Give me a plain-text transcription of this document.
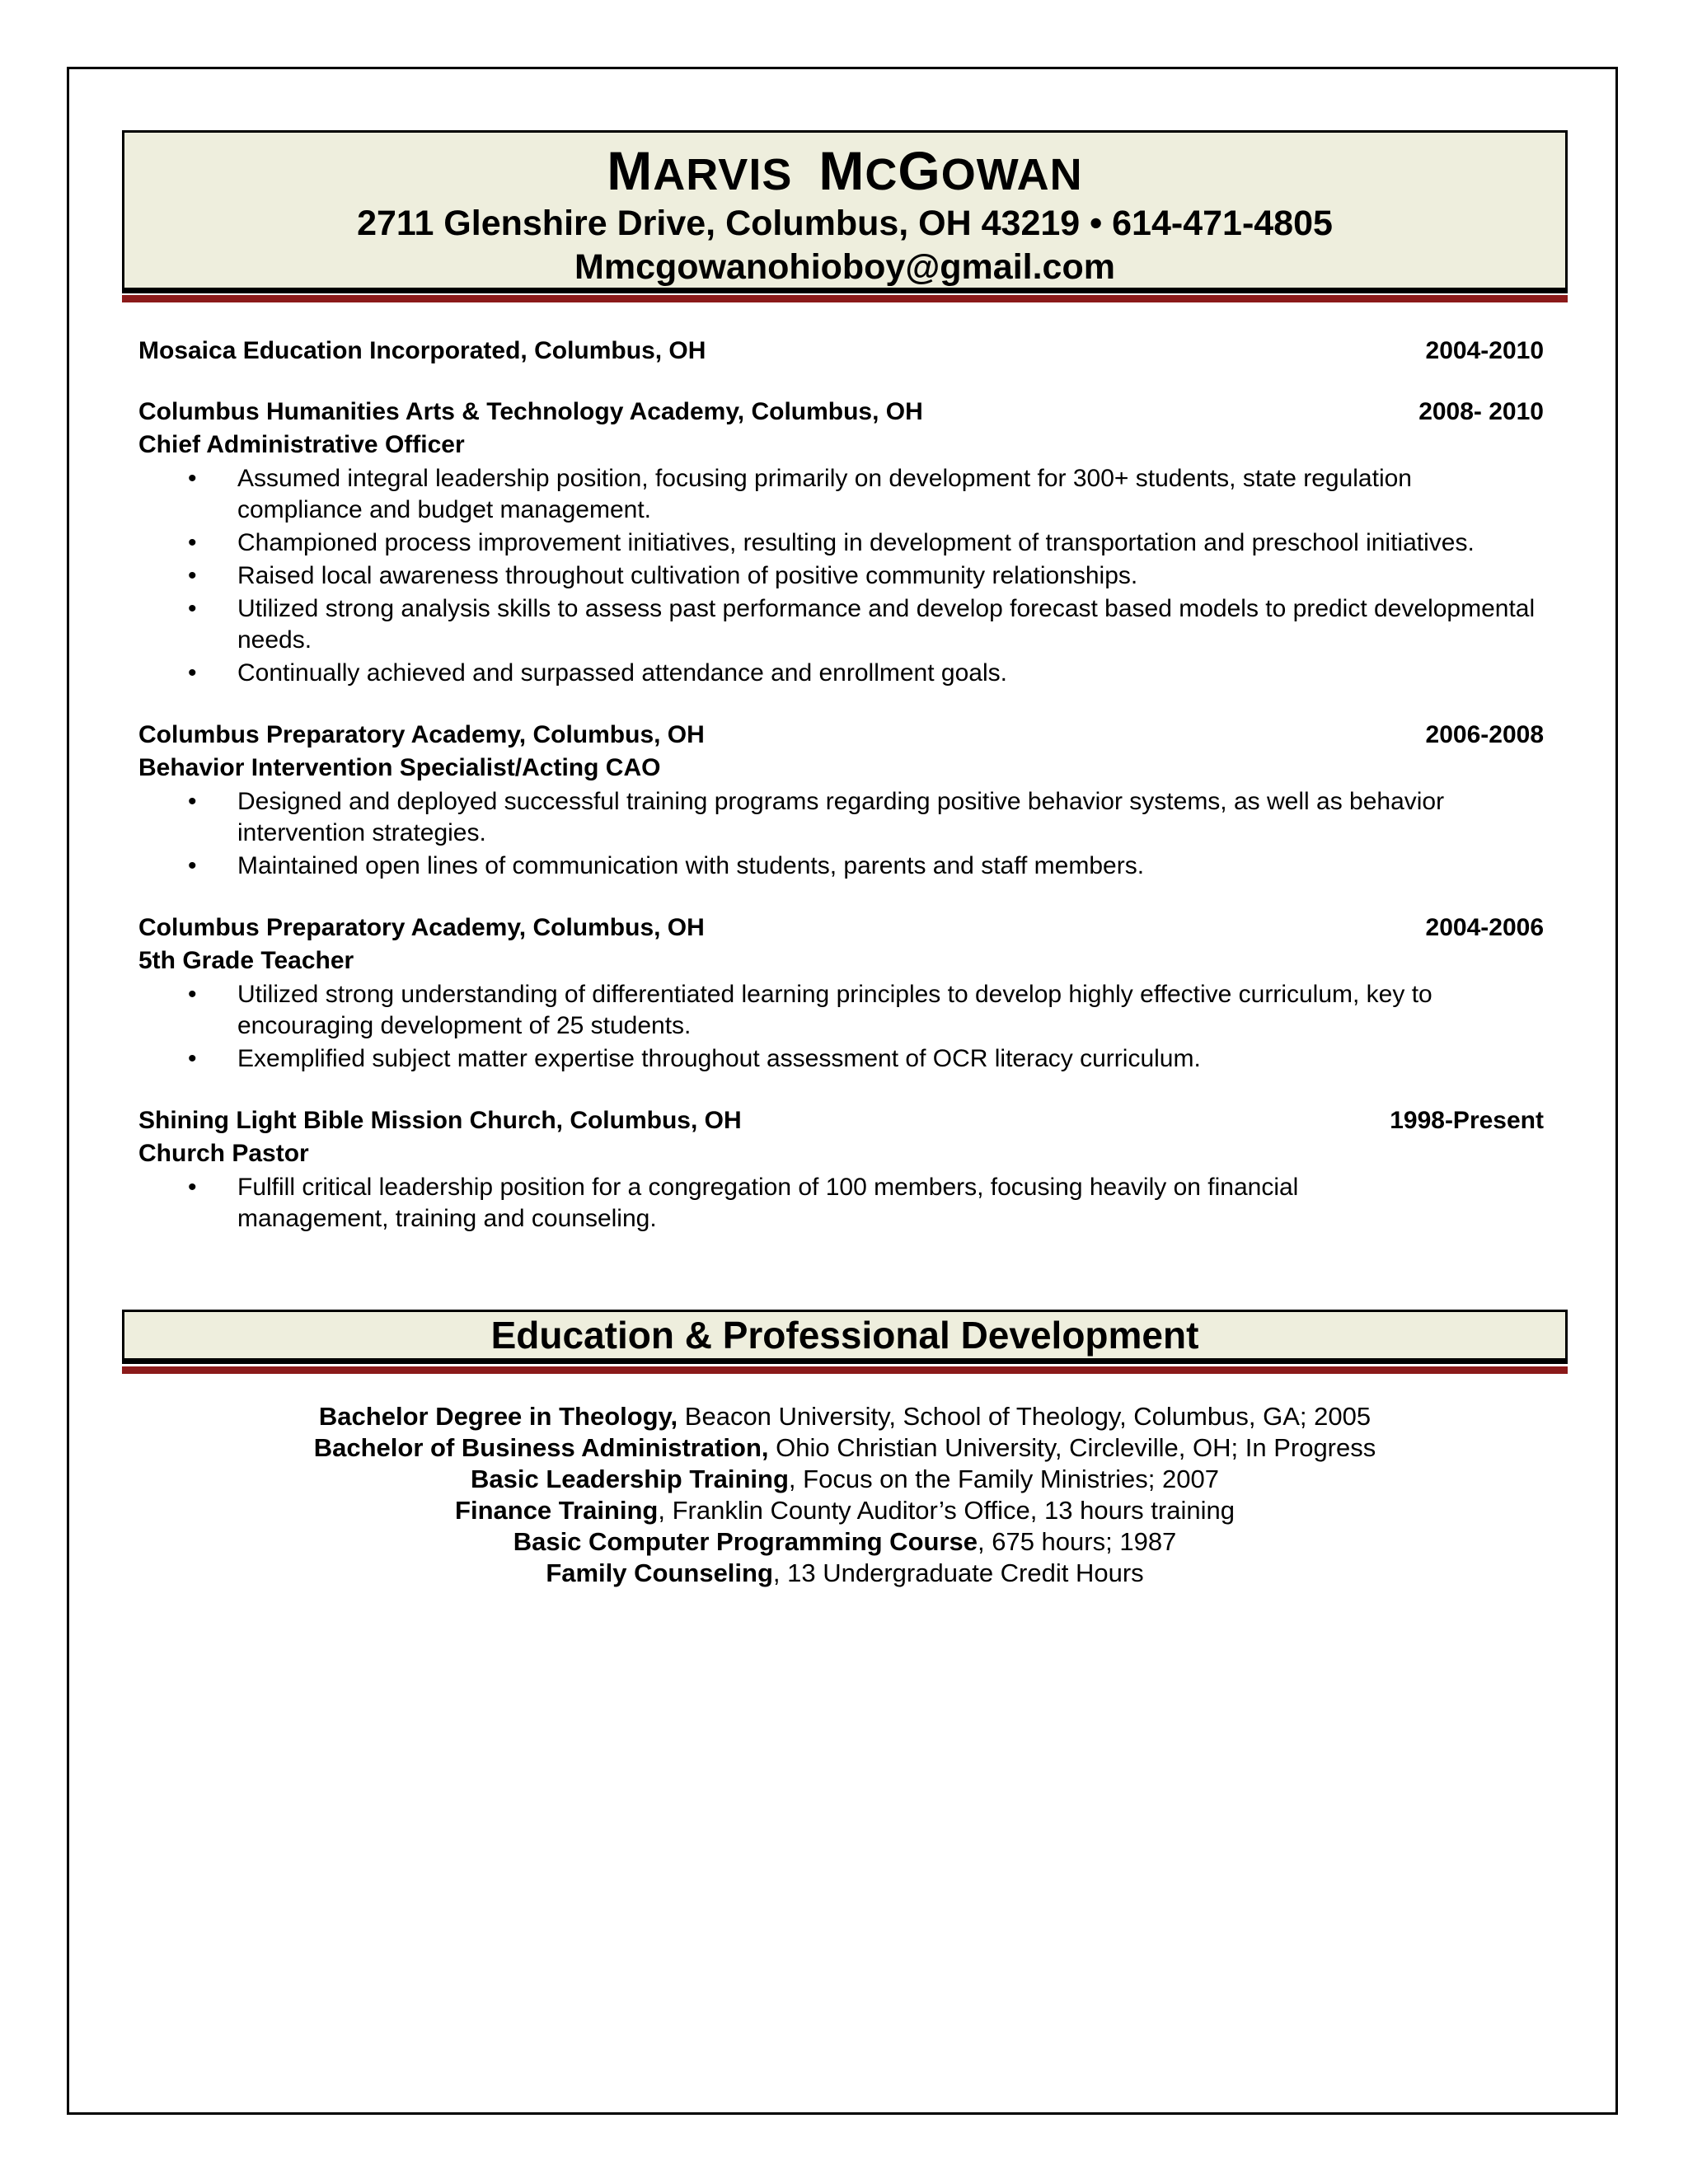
MARVIS MCGOWAN
2711 Glenshire Drive, Columbus, OH 43219 • 614-471-4805
Mmcgowanohioboy@gmail.com
Mosaica Education Incorporated, Columbus, OH	2004-2010
Columbus Humanities Arts & Technology Academy, Columbus, OH	2008- 2010
Chief Administrative Officer
• Assumed integral leadership position, focusing primarily on development for 300+ students, state regulation compliance and budget management.
• Championed process improvement initiatives, resulting in development of transportation and preschool initiatives.
• Raised local awareness throughout cultivation of positive community relationships.
• Utilized strong analysis skills to assess past performance and develop forecast based models to predict developmental needs.
• Continually achieved and surpassed attendance and enrollment goals.
Columbus Preparatory Academy, Columbus, OH	2006-2008
Behavior Intervention Specialist/Acting CAO
• Designed and deployed successful training programs regarding positive behavior systems, as well as behavior intervention strategies.
• Maintained open lines of communication with students, parents and staff members.
Columbus Preparatory Academy, Columbus, OH	2004-2006
5th Grade Teacher
• Utilized strong understanding of differentiated learning principles to develop highly effective curriculum, key to encouraging development of 25 students.
• Exemplified subject matter expertise throughout assessment of OCR literacy curriculum.
Shining Light Bible Mission Church, Columbus, OH	1998-Present
Church Pastor
• Fulfill critical leadership position for a congregation of 100 members, focusing heavily on financial management, training and counseling.
Education & Professional Development
Bachelor Degree in Theology, Beacon University, School of Theology, Columbus, GA; 2005
Bachelor of Business Administration, Ohio Christian University, Circleville, OH; In Progress
Basic Leadership Training, Focus on the Family Ministries; 2007
Finance Training, Franklin County Auditor’s Office, 13 hours training
Basic Computer Programming Course, 675 hours; 1987
Family Counseling, 13 Undergraduate Credit Hours
